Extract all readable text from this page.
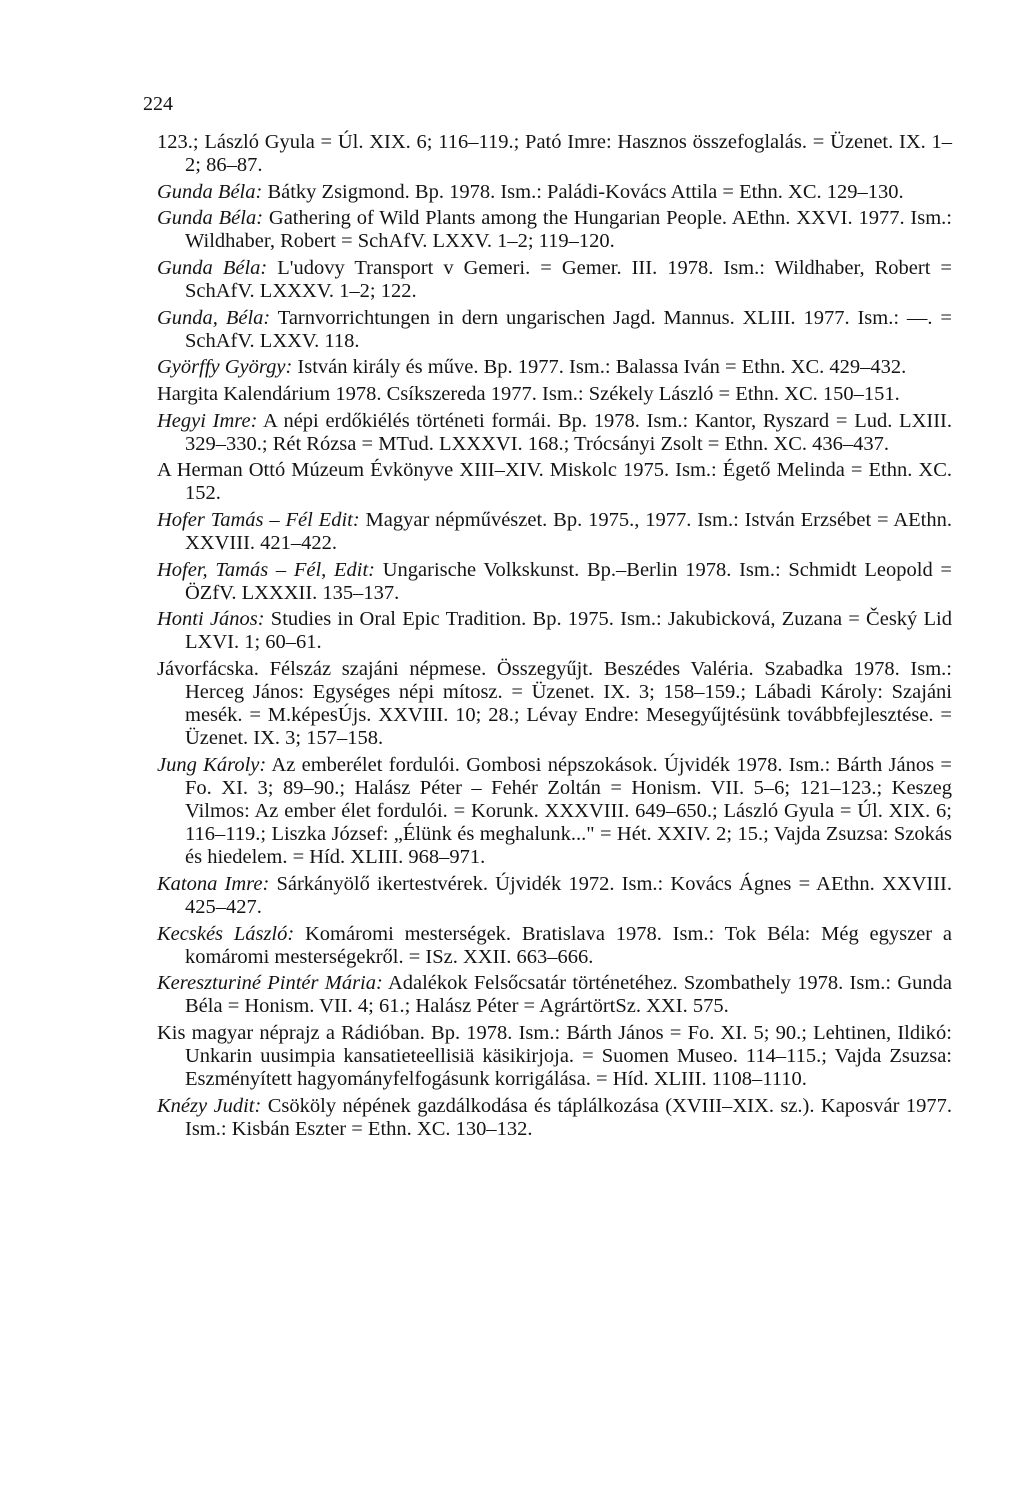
224

123.; László Gyula = Úl. XIX. 6; 116–119.; Pató Imre: Hasznos összefoglalás. = Üzenet. IX. 1–2; 86–87.

Gunda Béla: Bátky Zsigmond. Bp. 1978. Ism.: Paládi-Kovács Attila = Ethn. XC. 129–130.

Gunda Béla: Gathering of Wild Plants among the Hungarian People. AEthn. XXVI. 1977. Ism.: Wildhaber, Robert = SchAfV. LXXV. 1–2; 119–120.

Gunda Béla: L'udovy Transport v Gemeri. = Gemer. III. 1978. Ism.: Wildhaber, Robert = SchAfV. LXXXV. 1–2; 122.

Gunda, Béla: Tarnvorrichtungen in dern ungarischen Jagd. Mannus. XLIII. 1977. Ism.: —. = SchAfV. LXXV. 118.

Györffy György: István király és műve. Bp. 1977. Ism.: Balassa Iván = Ethn. XC. 429–432.

Hargita Kalendárium 1978. Csíkszereda 1977. Ism.: Székely László = Ethn. XC. 150–151.

Hegyi Imre: A népi erdőkiélés történeti formái. Bp. 1978. Ism.: Kantor, Ryszard = Lud. LXIII. 329–330.; Rét Rózsa = MTud. LXXXVI. 168.; Trócsányi Zsolt = Ethn. XC. 436–437.

A Herman Ottó Múzeum Évkönyve XIII–XIV. Miskolc 1975. Ism.: Égető Melinda = Ethn. XC. 152.

Hofer Tamás – Fél Edit: Magyar népművészet. Bp. 1975., 1977. Ism.: István Erzsébet = AEthn. XXVIII. 421–422.

Hofer, Tamás – Fél, Edit: Ungarische Volkskunst. Bp.–Berlin 1978. Ism.: Schmidt Leopold = ÖZfV. LXXXII. 135–137.

Honti János: Studies in Oral Epic Tradition. Bp. 1975. Ism.: Jakubicková, Zuzana = Český Lid LXVI. 1; 60–61.

Jávorfácska. Félszáz szajáni népmese. Összegyűjt. Beszédes Valéria. Szabadka 1978. Ism.: Herceg János: Egységes népi mítosz. = Üzenet. IX. 3; 158–159.; Lábadi Károly: Szajáni mesék. = M.képesÚjs. XXVIII. 10; 28.; Lévay Endre: Mesegyűjtésünk továbbfejlesztése. = Üzenet. IX. 3; 157–158.

Jung Károly: Az emberélet fordulói. Gombosi népszokások. Újvidék 1978. Ism.: Bárth János = Fo. XI. 3; 89–90.; Halász Péter – Fehér Zoltán = Honism. VII. 5–6; 121–123.; Keszeg Vilmos: Az ember élet fordulói. = Korunk. XXXVIII. 649–650.; László Gyula = Úl. XIX. 6; 116–119.; Liszka József: „Élünk és meghalunk..." = Hét. XXIV. 2; 15.; Vajda Zsuzsa: Szokás és hiedelem. = Híd. XLIII. 968–971.

Katona Imre: Sárkányölő ikertestvérek. Újvidék 1972. Ism.: Kovács Ágnes = AEthn. XXVIII. 425–427.

Kecskés László: Komáromi mesterségek. Bratislava 1978. Ism.: Tok Béla: Még egyszer a komáromi mesterségekről. = ISz. XXII. 663–666.

Kereszturiné Pintér Mária: Adalékok Felsőcsatár történetéhez. Szombathely 1978. Ism.: Gunda Béla = Honism. VII. 4; 61.; Halász Péter = AgrártörtSz. XXI. 575.

Kis magyar néprajz a Rádióban. Bp. 1978. Ism.: Bárth János = Fo. XI. 5; 90.; Lehtinen, Ildikó: Unkarin uusimpia kansatieteellisiä käsikirjoja. = Suomen Museo. 114–115.; Vajda Zsuzsa: Eszményített hagyományfelfogásunk korrigálása. = Híd. XLIII. 1108–1110.

Knézy Judit: Csököly népének gazdálkodása és táplálkozása (XVIII–XIX. sz.). Kaposvár 1977. Ism.: Kisbán Eszter = Ethn. XC. 130–132.
